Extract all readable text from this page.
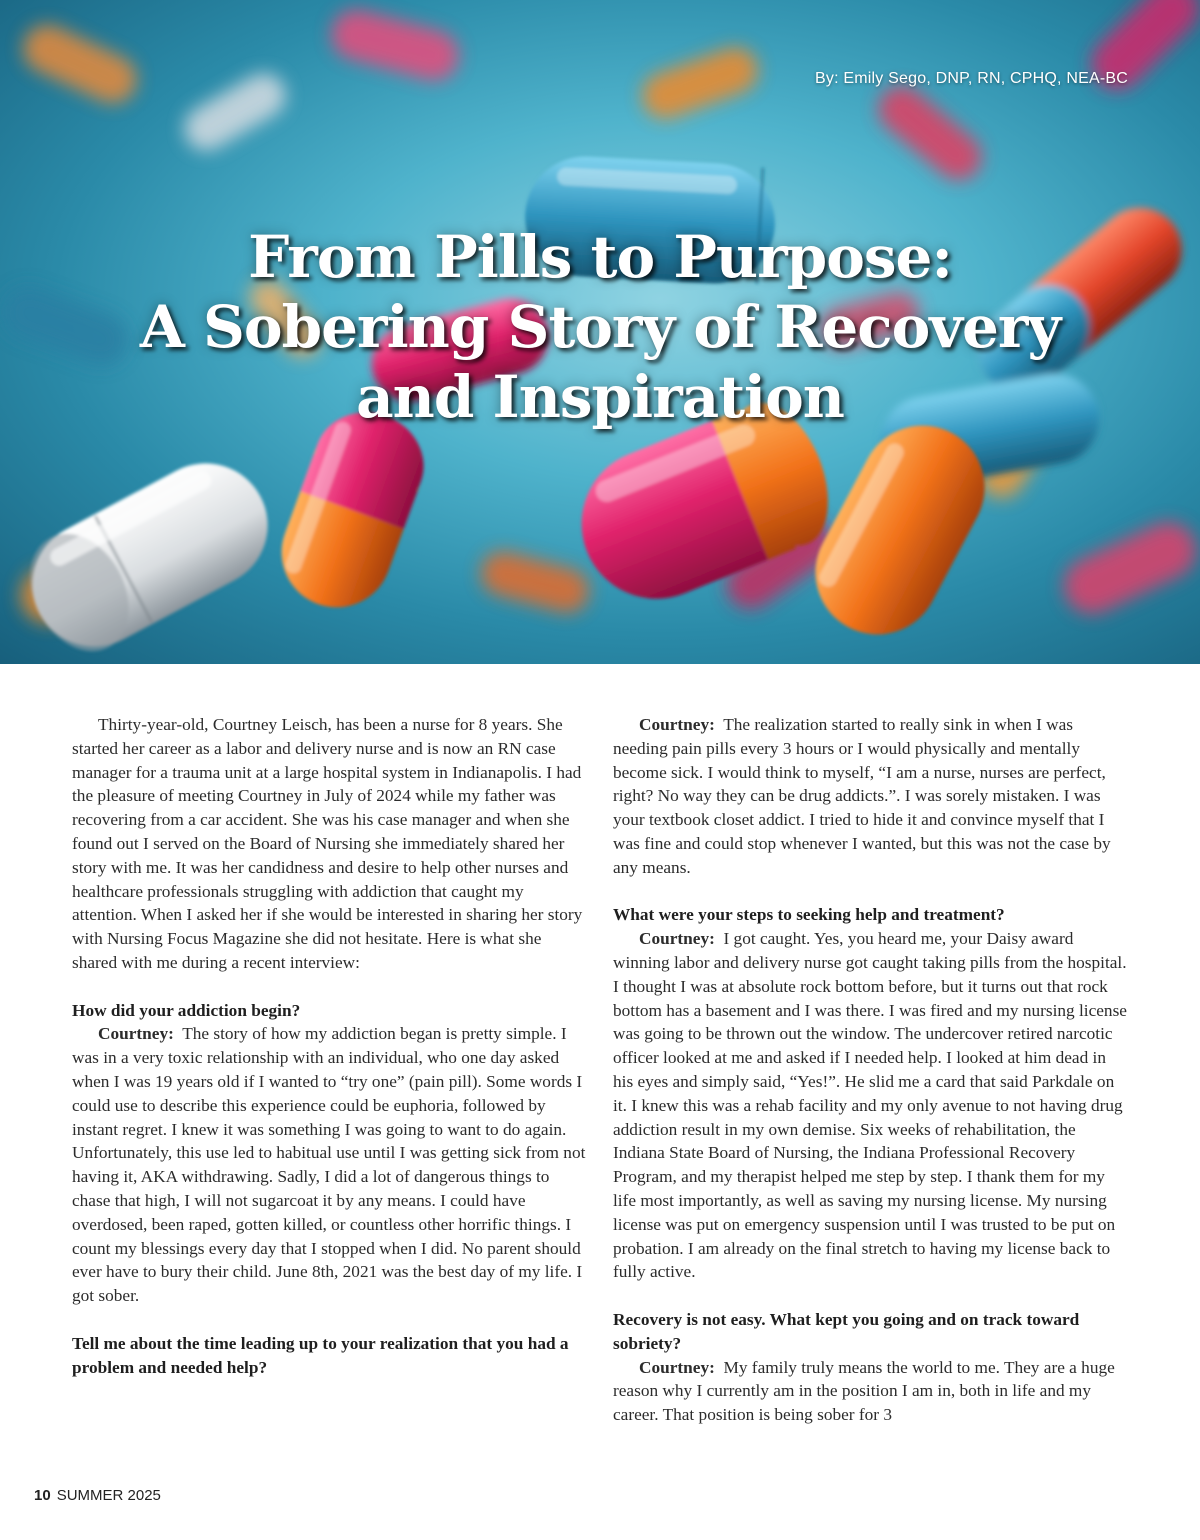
By: Emily Sego, DNP, RN, CPHQ, NEA-BC

From Pills to Purpose:
A Sobering Story of Recovery
and Inspiration

Thirty-year-old, Courtney Leisch, has been a nurse for 8 years. She started her career as a labor and delivery nurse and is now an RN case manager for a trauma unit at a large hospital system in Indianapolis. I had the pleasure of meeting Courtney in July of 2024 while my father was recovering from a car accident. She was his case manager and when she found out I served on the Board of Nursing she immediately shared her story with me. It was her candidness and desire to help other nurses and healthcare professionals struggling with addiction that caught my attention. When I asked her if she would be interested in sharing her story with Nursing Focus Magazine she did not hesitate. Here is what she shared with me during a recent interview:

How did your addiction begin?

Courtney: The story of how my addiction began is pretty simple. I was in a very toxic relationship with an individual, who one day asked when I was 19 years old if I wanted to “try one” (pain pill). Some words I could use to describe this experience could be euphoria, followed by instant regret. I knew it was something I was going to want to do again. Unfortunately, this use led to habitual use until I was getting sick from not having it, AKA withdrawing. Sadly, I did a lot of dangerous things to chase that high, I will not sugarcoat it by any means. I could have overdosed, been raped, gotten killed, or countless other horrific things. I count my blessings every day that I stopped when I did. No parent should ever have to bury their child. June 8th, 2021 was the best day of my life. I got sober.

Tell me about the time leading up to your realization that you had a problem and needed help?

Courtney: The realization started to really sink in when I was needing pain pills every 3 hours or I would physically and mentally become sick. I would think to myself, “I am a nurse, nurses are perfect, right? No way they can be drug addicts.”. I was sorely mistaken. I was your textbook closet addict. I tried to hide it and convince myself that I was fine and could stop whenever I wanted, but this was not the case by any means.

What were your steps to seeking help and treatment?

Courtney: I got caught. Yes, you heard me, your Daisy award winning labor and delivery nurse got caught taking pills from the hospital. I thought I was at absolute rock bottom before, but it turns out that rock bottom has a basement and I was there. I was fired and my nursing license was going to be thrown out the window. The undercover retired narcotic officer looked at me and asked if I needed help. I looked at him dead in his eyes and simply said, “Yes!”. He slid me a card that said Parkdale on it. I knew this was a rehab facility and my only avenue to not having drug addiction result in my own demise. Six weeks of rehabilitation, the Indiana State Board of Nursing, the Indiana Professional Recovery Program, and my therapist helped me step by step. I thank them for my life most importantly, as well as saving my nursing license. My nursing license was put on emergency suspension until I was trusted to be put on probation. I am already on the final stretch to having my license back to fully active.

Recovery is not easy. What kept you going and on track toward sobriety?

Courtney: My family truly means the world to me. They are a huge reason why I currently am in the position I am in, both in life and my career. That position is being sober for 3

10 SUMMER 2025
